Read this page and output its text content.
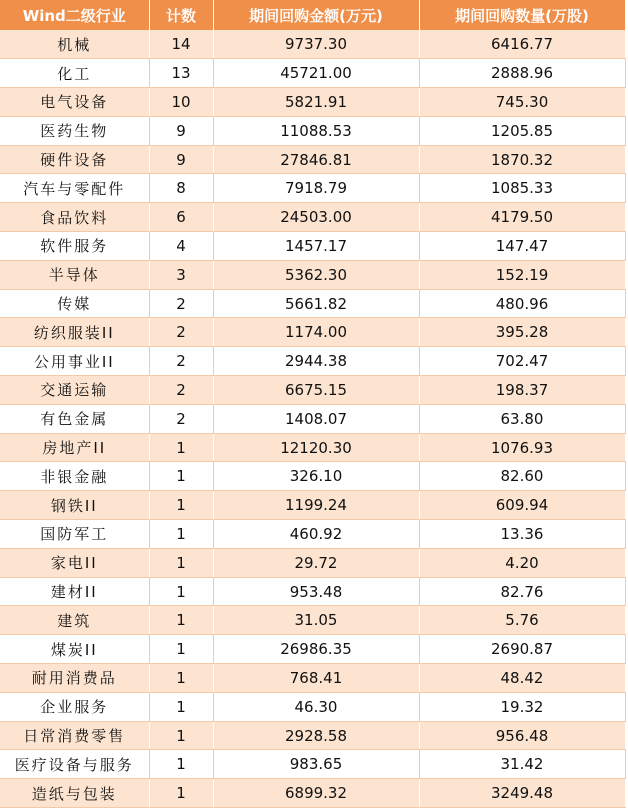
Wind二级行业	计数	期间回购金额(万元)	期间回购数量(万股)
机械	14	9737.30	6416.77
化工	13	45721.00	2888.96
电气设备	10	5821.91	745.30
医药生物	9	11088.53	1205.85
硬件设备	9	27846.81	1870.32
汽车与零配件	8	7918.79	1085.33
食品饮料	6	24503.00	4179.50
软件服务	4	1457.17	147.47
半导体	3	5362.30	152.19
传媒	2	5661.82	480.96
纺织服装II	2	1174.00	395.28
公用事业II	2	2944.38	702.47
交通运输	2	6675.15	198.37
有色金属	2	1408.07	63.80
房地产II	1	12120.30	1076.93
非银金融	1	326.10	82.60
钢铁II	1	1199.24	609.94
国防军工	1	460.92	13.36
家电II	1	29.72	4.20
建材II	1	953.48	82.76
建筑	1	31.05	5.76
煤炭II	1	26986.35	2690.87
耐用消费品	1	768.41	48.42
企业服务	1	46.30	19.32
日常消费零售	1	2928.58	956.48
医疗设备与服务	1	983.65	31.42
造纸与包装	1	6899.32	3249.48
